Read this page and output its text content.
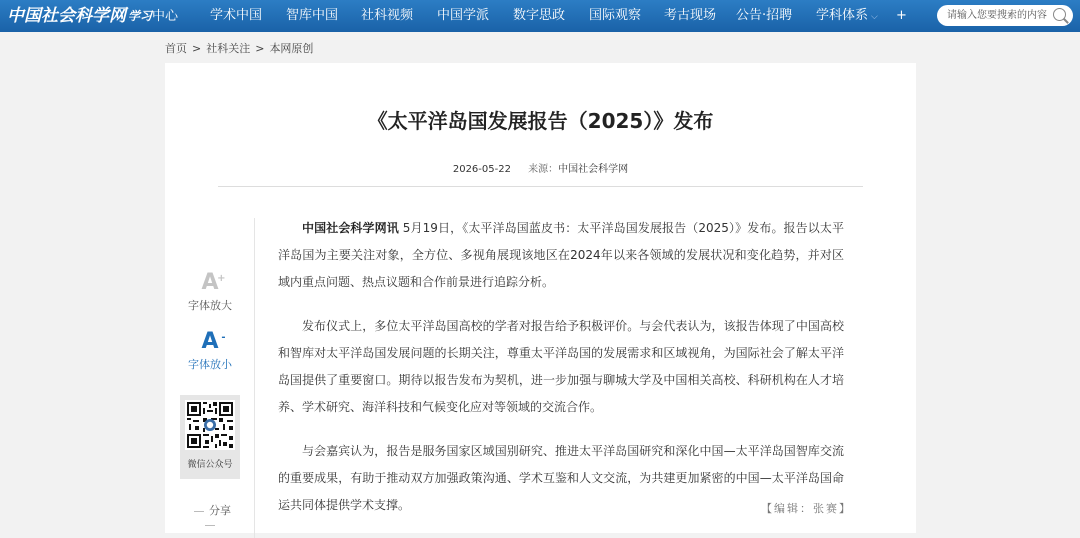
中国社会科学网 学习中心 学术中国 智库中国 社科视频 中国学派 数字思政 国际观察 考古现场 公告·招聘 学科体系 ⌵ +
请输入您要搜索的内容
首页 > 社科关注 > 本网原创
《太平洋岛国发展报告（2025）》发布
2026-05-22 来源：中国社会科学网
A
+
字体放大
A -
字体放小
微信公众号
分享

中国社会科学网讯 5月19日，《太平洋岛国蓝皮书：太平洋岛国发展报告（2025）》发布。报告以太平洋岛国为主要关注对象，全方位、多视角展现该地区在2024年以来各领域的发展状况和变化趋势，并对区域内重点问题、热点议题和合作前景进行追踪分析。

发布仪式上，多位太平洋岛国高校的学者对报告给予积极评价。与会代表认为，该报告体现了中国高校和智库对太平洋岛国发展问题的长期关注，尊重太平洋岛国的发展需求和区域视角，为国际社会了解太平洋岛国提供了重要窗口。期待以报告发布为契机，进一步加强与聊城大学及中国相关高校、科研机构在人才培养、学术研究、海洋科技和气候变化应对等领域的交流合作。

与会嘉宾认为，报告是服务国家区域国别研究、推进太平洋岛国研究和深化中国—太平洋岛国智库交流的重要成果，有助于推动双方加强政策沟通、学术互鉴和人文交流，为共建更加紧密的中国—太平洋岛国命运共同体提供学术支撑。	【编辑：张赛】
